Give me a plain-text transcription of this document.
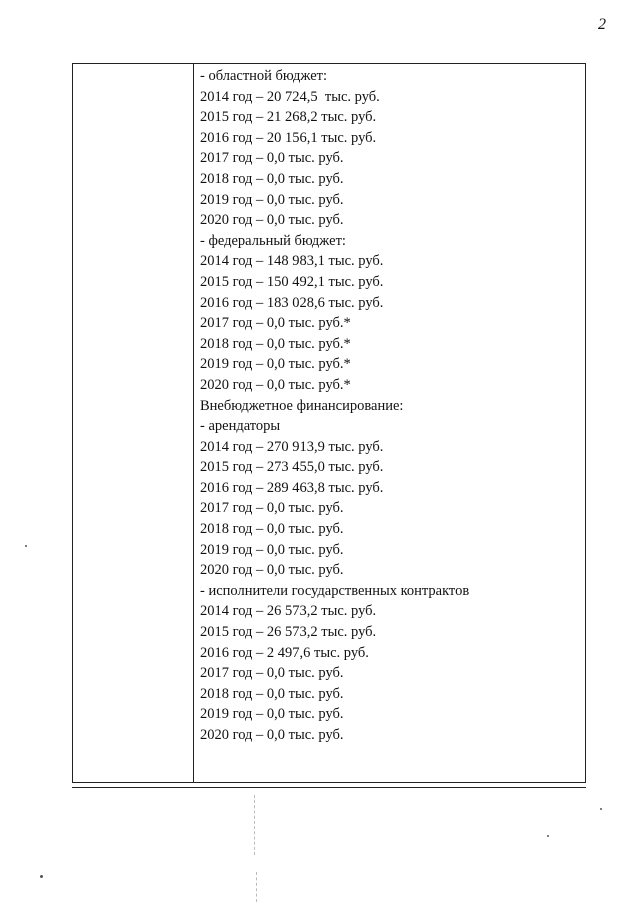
2
- областной бюджет:
2014 год – 20 724,5  тыс. руб.
2015 год – 21 268,2 тыс. руб.
2016 год – 20 156,1 тыс. руб.
2017 год – 0,0 тыс. руб.
2018 год – 0,0 тыс. руб.
2019 год – 0,0 тыс. руб.
2020 год – 0,0 тыс. руб.
- федеральный бюджет:
2014 год – 148 983,1 тыс. руб.
2015 год – 150 492,1 тыс. руб.
2016 год – 183 028,6 тыс. руб.
2017 год – 0,0 тыс. руб.*
2018 год – 0,0 тыс. руб.*
2019 год – 0,0 тыс. руб.*
2020 год – 0,0 тыс. руб.*
Внебюджетное финансирование:
- арендаторы
2014 год – 270 913,9 тыс. руб.
2015 год – 273 455,0 тыс. руб.
2016 год – 289 463,8 тыс. руб.
2017 год – 0,0 тыс. руб.
2018 год – 0,0 тыс. руб.
2019 год – 0,0 тыс. руб.
2020 год – 0,0 тыс. руб.
- исполнители государственных контрактов
2014 год – 26 573,2 тыс. руб.
2015 год – 26 573,2 тыс. руб.
2016 год – 2 497,6 тыс. руб.
2017 год – 0,0 тыс. руб.
2018 год – 0,0 тыс. руб.
2019 год – 0,0 тыс. руб.
2020 год – 0,0 тыс. руб.
